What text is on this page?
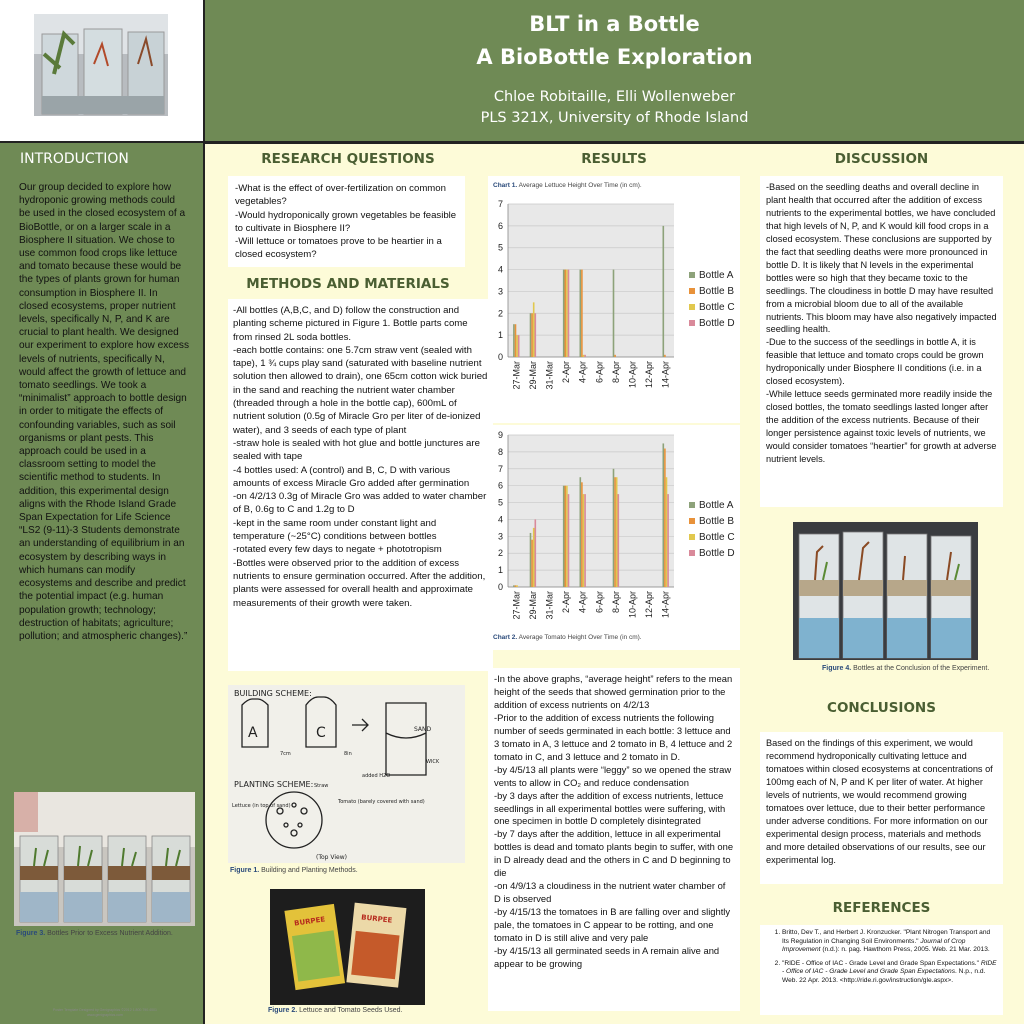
BLT in a Bottle
A BioBottle Exploration
Chloe Robitaille, Elli Wollenweber
PLS 321X, University of Rhode Island
INTRODUCTION
Our group decided to explore how hydroponic growing methods could be used in the closed ecosystem of a BioBottle, or on a larger scale in a Biosphere II situation. We chose to use common food crops like lettuce and tomato because these would be the types of plants grown for human consumption in Biosphere II. In closed ecosystems, proper nutrient levels, specifically N, P, and K are crucial to plant health. We designed our experiment to explore how excess levels of nutrients, specifically N, would affect the growth of lettuce and tomato seedlings. We took a “minimalist” approach to bottle design in order to mitigate the effects of confounding variables, such as soil organisms or plant pests. This approach could be used in a classroom setting to model the scientific method to students. In addition, this experimental design aligns with the Rhode Island Grade Span Expectation for Life Science “LS2 (9-11)-3 Students demonstrate an understanding of equilibrium in an ecosystem by describing ways in which humans can modify ecosystems and describe and predict the potential impact (e.g. human population growth; technology; destruction of habitats; agriculture; pollution; and atmospheric changes).”
Figure 3. Bottles Prior to Excess Nutrient Addition.
Poster Template Designed by Genigraphics ©2012 1.800.790.4001 www.genigraphics.com
RESEARCH QUESTIONS
-What is the effect of over-fertilization on common vegetables?
-Would hydroponically grown vegetables be feasible to cultivate in Biosphere II?
-Will lettuce or tomatoes prove to be heartier in a closed ecosystem?
METHODS AND MATERIALS
-All bottles (A,B,C, and D) follow the construction and planting scheme pictured in Figure 1. Bottle parts come from rinsed 2L soda bottles.
-each bottle contains: one 5.7cm straw vent (sealed with tape), 1 ¾ cups play sand (saturated with baseline nutrient solution then allowed to drain), one 65cm cotton wick buried in the sand and reaching the nutrient water chamber (threaded through a hole in the bottle cap), 600mL of nutrient solution (0.5g of Miracle Gro per liter of de-ionized water), and 3 seeds of each type of plant
-straw hole is sealed with hot glue and bottle junctures are sealed with tape
-4 bottles used: A (control) and B, C, D with various amounts of excess Miracle Gro added after germination
-on 4/2/13 0.3g of Miracle Gro was added to water chamber of B, 0.6g to C and 1.2g to D
-kept in the same room under constant light and temperature (~25°C) conditions between bottles
-rotated every few days to negate + phototropism
-Bottles were observed prior to the addition of excess nutrients to ensure germination occurred. After the addition, plants were assessed for overall health and approximate measurements of their growth were taken.
BUILDING SCHEME:
A	C	SAND
WICK
7cm	8in
added H2O
PLANTING SCHEME: Straw
Lettuce (in top of sand)
Tomato (barely covered with sand)
(Top View)
Figure 1. Building and Planting Methods.
BURPEE	BURPEE
Figure 2. Lettuce and Tomato Seeds Used.
RESULTS
Chart 1. Average Lettuce Height Over Time (in cm).
0
1
2
3
4
5
6
7
27-Mar 29-Mar 31-Mar 2-Apr 4-Apr 6-Apr 8-Apr 10-Apr 12-Apr 14-Apr
Bottle A
Bottle B
Bottle C
Bottle D
0
1
2
3
4
5
6
7
8
9
27-Mar 29-Mar 31-Mar 2-Apr 4-Apr 6-Apr 8-Apr 10-Apr 12-Apr 14-Apr
Bottle A
Bottle B
Bottle C
Bottle D
Chart 2. Average Tomato Height Over Time (in cm).
-In the above graphs, “average height” refers to the mean height of the seeds that showed germination prior to the addition of excess nutrients on 4/2/13
-Prior to the addition of excess nutrients the following number of seeds germinated in each bottle: 3 lettuce and 3 tomato in A, 3 lettuce and 2 tomato in B, 4 lettuce and 2 tomato in C, and 3 lettuce and 2 tomato in D.
-by 4/5/13 all plants were “leggy” so we opened the straw vents to allow in CO₂ and reduce condensation
-by 3 days after the addition of excess nutrients, lettuce seedlings in all experimental bottles were suffering, with one specimen in bottle D completely disintegrated
-by 7 days after the addition, lettuce in all experimental bottles is dead and tomato plants begin to suffer, with one in D already dead and the others in C and D beginning to die
-on 4/9/13 a cloudiness in the nutrient water chamber of D is observed
-by 4/15/13 the tomatoes in B are falling over and slightly pale, the tomatoes in C appear to be rotting, and one tomato in D is still alive and very pale
-by 4/15/13 all germinated seeds in A remain alive and appear to be growing
DISCUSSION
-Based on the seedling deaths and overall decline in plant health that occurred after the addition of excess nutrients to the experimental bottles, we have concluded that high levels of N, P, and K would kill food crops in a closed ecosystem. These conclusions are supported by the fact that seedling deaths were more pronounced in bottle D. It is likely that N levels in the experimental bottles were so high that they became toxic to the seedlings. The cloudiness in bottle D may have resulted from a microbial bloom due to all of the available nutrients. This bloom may have also negatively impacted seedling health.
-Due to the success of the seedlings in bottle A, it is feasible that lettuce and tomato crops could be grown hydroponically under Biosphere II conditions (i.e. in a closed ecosystem).
-While lettuce seeds germinated more readily inside the closed bottles, the tomato seedlings lasted longer after the addition of the excess nutrients. Because of their longer persistence against toxic levels of nutrients, we would consider tomatoes “heartier” for growth at adverse nutrient levels.
Figure 4. Bottles at the Conclusion of the Experiment.
CONCLUSIONS
Based on the findings of this experiment, we would recommend hydroponically cultivating lettuce and tomatoes within closed ecosystems at concentrations of 100mg each of N, P and K per liter of water. At higher levels of nutrients, we would recommend growing tomatoes over lettuce, due to their better performance under adverse conditions. For more information on our experimental design process, materials and methods and more detailed observations of our results, see our experimental log.
REFERENCES
1. Britto, Dev T., and Herbert J. Kronzucker. "Plant Nitrogen Transport and Its Regulation in Changing Soil Environments." Journal of Crop Improvement (n.d.): n. pag. Hawthorn Press, 2005. Web. 21 Mar. 2013.
2. "RIDE - Office of IAC - Grade Level and Grade Span Expectations." RIDE - Office of IAC - Grade Level and Grade Span Expectations. N.p., n.d. Web. 22 Apr. 2013. <http://ride.ri.gov/instruction/gle.aspx>.
